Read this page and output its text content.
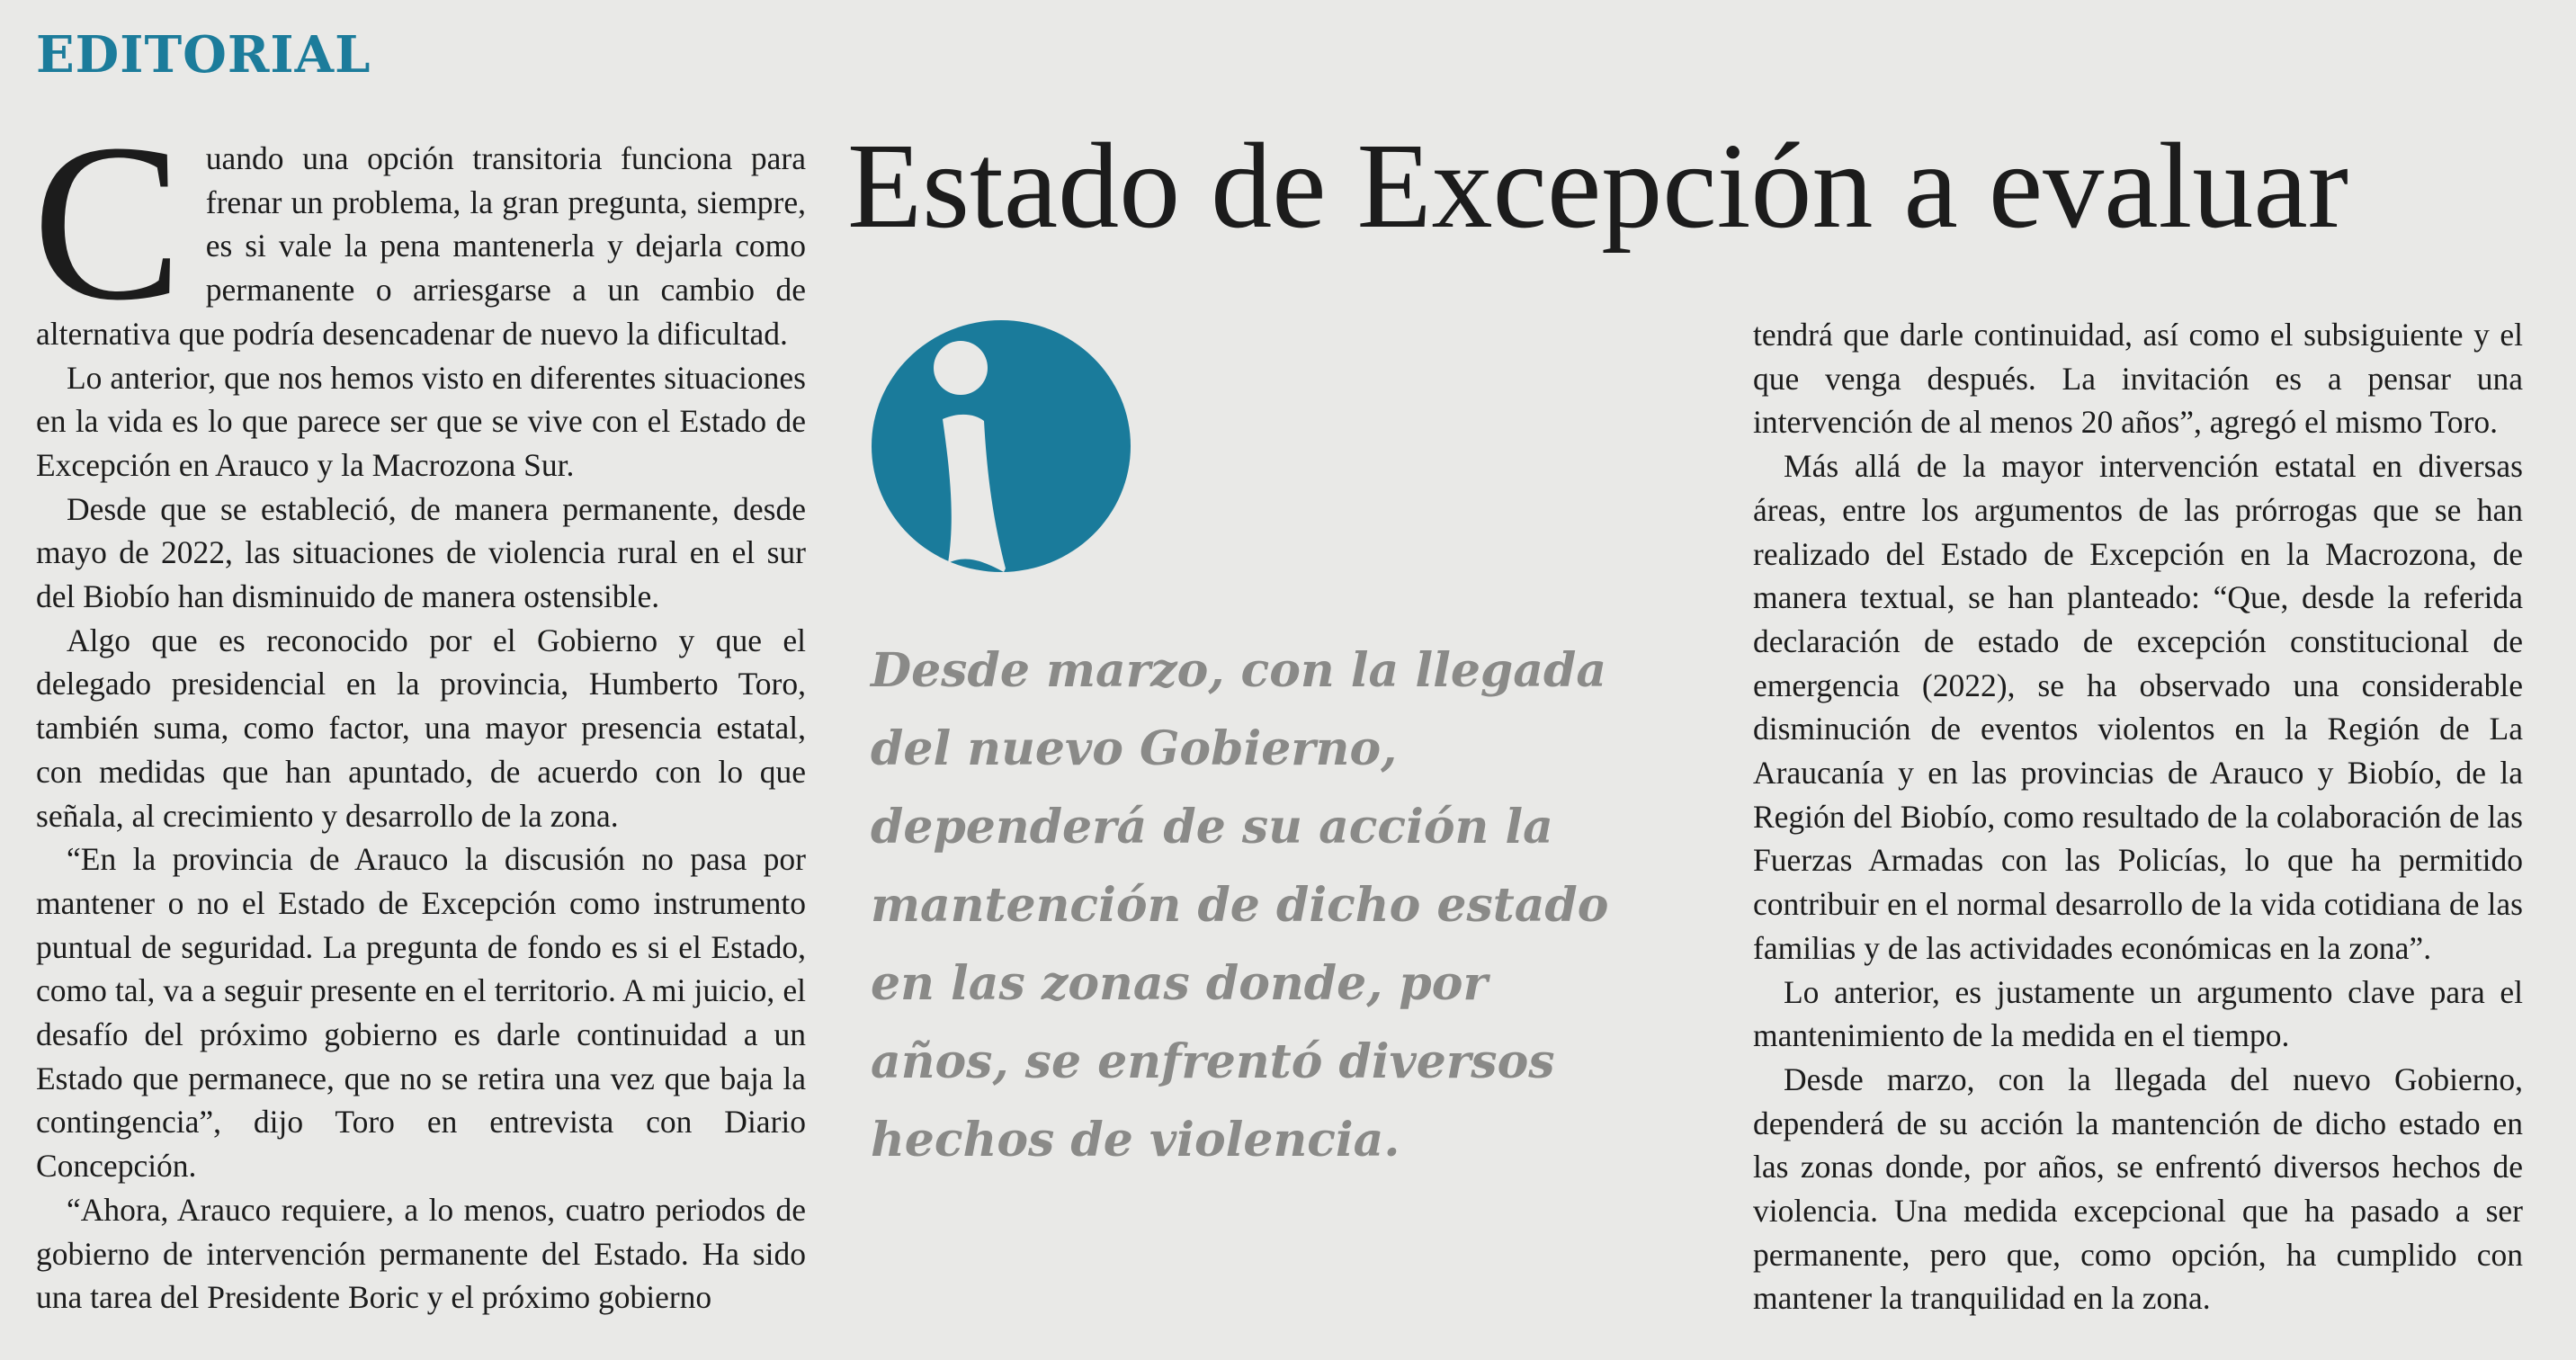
EDITORIAL
C uando una opción transitoria funciona para frenar un problema, la gran pregunta, siempre, es si vale la pena mantenerla y dejarla como permanente o arriesgarse a un cambio de alternativa que podría desencadenar de nuevo la dificultad.

Lo anterior, que nos hemos visto en diferentes situaciones en la vida es lo que parece ser que se vive con el Estado de Excepción en Arauco y la Macrozona Sur.

Desde que se estableció, de manera permanente, desde mayo de 2022, las situaciones de violencia rural en el sur del Biobío han disminuido de manera ostensible.

Algo que es reconocido por el Gobierno y que el delegado presidencial en la provincia, Humberto Toro, también suma, como factor, una mayor presencia estatal, con medidas que han apuntado, de acuerdo con lo que señala, al crecimiento y desarrollo de la zona.

“En la provincia de Arauco la discusión no pasa por mantener o no el Estado de Excepción como instrumento puntual de seguridad. La pregunta de fondo es si el Estado, como tal, va a seguir presente en el territorio. A mi juicio, el desafío del próximo gobierno es darle continuidad a un Estado que permanece, que no se retira una vez que baja la contingencia”, dijo Toro en entrevista con Diario Concepción.

“Ahora, Arauco requiere, a lo menos, cuatro periodos de gobierno de intervención permanente del Estado. Ha sido una tarea del Presidente Boric y el próximo gobierno

Estado de Excepción a evaluar

Desde marzo, con la llegada del nuevo Gobierno, dependerá de su acción la mantención de dicho estado en las zonas donde, por años, se enfrentó diversos hechos de violencia.

tendrá que darle continuidad, así como el subsiguiente y el que venga después. La invitación es a pensar una intervención de al menos 20 años”, agregó el mismo Toro.

Más allá de la mayor intervención estatal en diversas áreas, entre los argumentos de las prórrogas que se han realizado del Estado de Excepción en la Macrozona, de manera textual, se han planteado: “Que, desde la referida declaración de estado de excepción constitucional de emergencia (2022), se ha observado una considerable disminución de eventos violentos en la Región de La Araucanía y en las provincias de Arauco y Biobío, de la Región del Biobío, como resultado de la colaboración de las Fuerzas Armadas con las Policías, lo que ha permitido contribuir en el normal desarrollo de la vida cotidiana de las familias y de las actividades económicas en la zona”.

Lo anterior, es justamente un argumento clave para el mantenimiento de la medida en el tiempo.

Desde marzo, con la llegada del nuevo Gobierno, dependerá de su acción la mantención de dicho estado en las zonas donde, por años, se enfrentó diversos hechos de violencia. Una medida excepcional que ha pasado a ser permanente, pero que, como opción, ha cumplido con mantener la tranquilidad en la zona.
